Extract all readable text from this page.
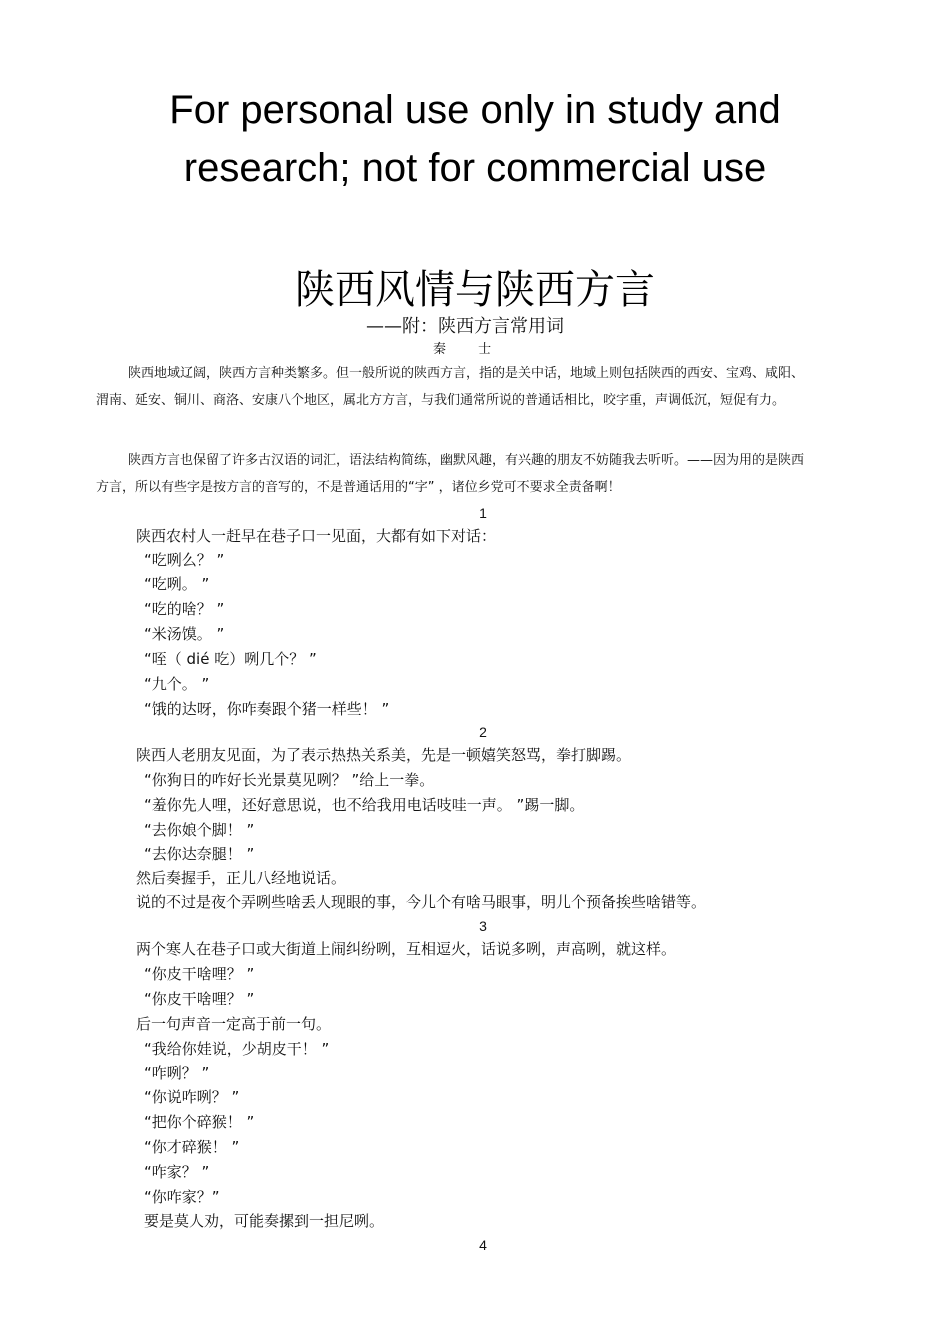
For personal use only in study and
research; not for commercial use
陕西风情与陕西方言
——附：陕西方言常用词
秦 士

陕西地域辽阔，陕西方言种类繁多。但一般所说的陕西方言，指的是关中话，地域上则包括陕西的西安、宝鸡、咸阳、渭南、延安、铜川、商洛、安康八个地区，属北方方言，与我们通常所说的普通话相比，咬字重，声调低沉，短促有力。

陕西方言也保留了许多古汉语的词汇，语法结构简练，幽默风趣，有兴趣的朋友不妨随我去听听。——因为用的是陕西方言，所以有些字是按方言的音写的，不是普通话用的“字” ，诸位乡党可不要求全责备啊！

1
陕西农村人一赶早在巷子口一见面，大都有如下对话：
“吃咧么？ ”
“吃咧。 ”
“吃的啥？ ”
“米汤馍。 ”
“咥（ dié 吃）咧几个？ ”
“九个。 ”
“饿的达呀，你咋奏跟个猪一样些！ ”
2
陕西人老朋友见面，为了表示热热关系美，先是一顿嬉笑怒骂，拳打脚踢。
“你狗日的咋好长光景莫见咧？ ”给上一拳。
“羞你先人哩，还好意思说，也不给我用电话吱哇一声。 ”踢一脚。
“去你娘个脚！ ”
“去你达奈腿！ ”
然后奏握手，正儿八经地说话。
说的不过是夜个弄咧些啥丢人现眼的事，今儿个有啥马眼事，明儿个预备挨些啥错等。
3
两个寒人在巷子口或大街道上闹纠纷咧，互相逗火，话说多咧，声高咧，就这样。
“你皮干啥哩？ ”
“你皮干啥哩？ ”
后一句声音一定高于前一句。
“我给你娃说，少胡皮干！ ”
“咋咧？ ”
“你说咋咧？ ”
“把你个碎猴！ ”
“你才碎猴！ ”
“咋家？ ”
“你咋家？”
要是莫人劝，可能奏摞到一担尼咧。
4
